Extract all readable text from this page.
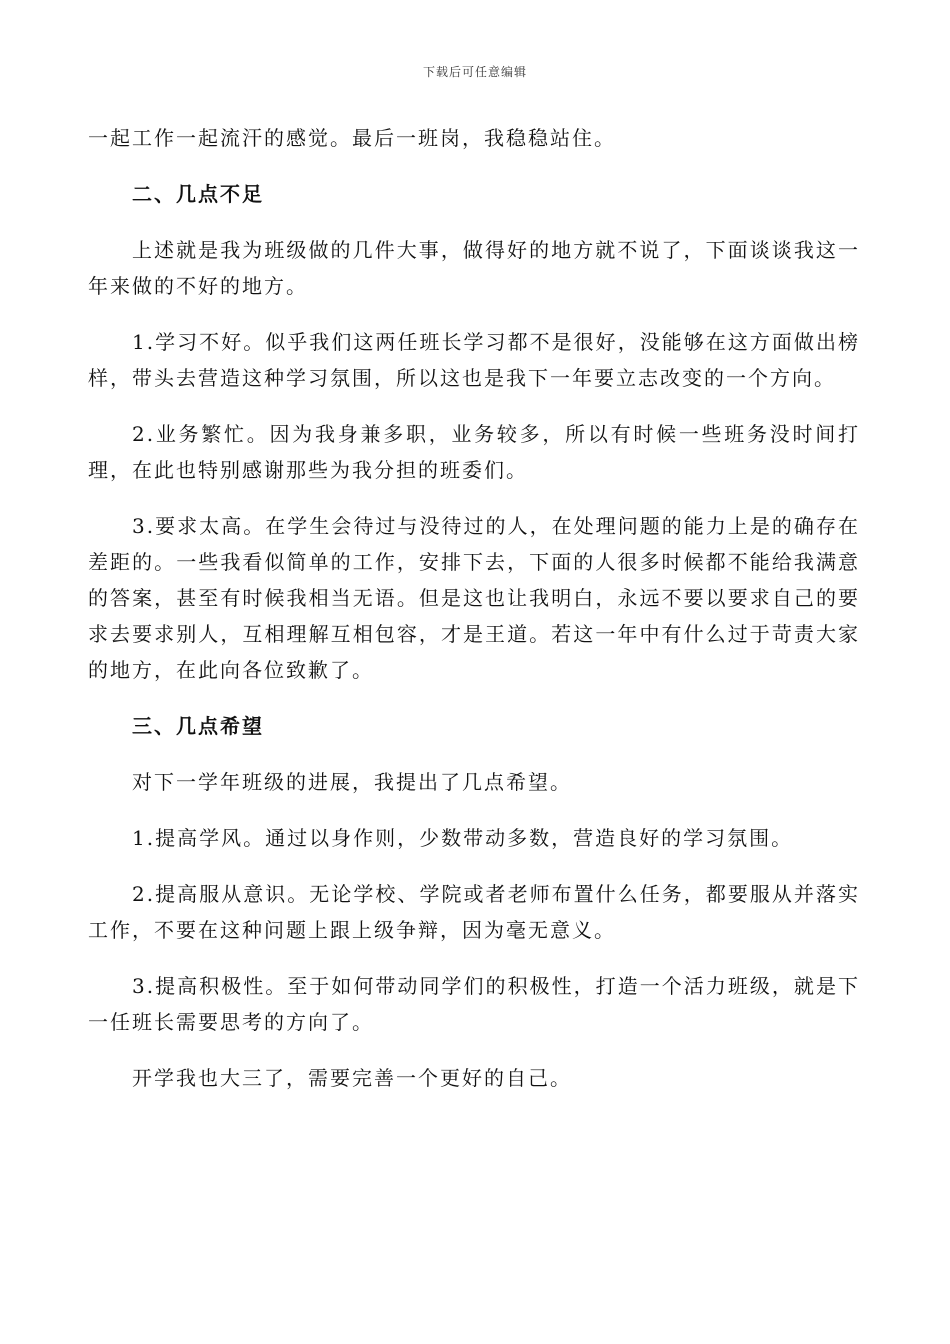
下载后可任意编辑

一起工作一起流汗的感觉。最后一班岗，我稳稳站住。

二、几点不足

上述就是我为班级做的几件大事，做得好的地方就不说了，下面谈谈我这一年来做的不好的地方。

1.学习不好。似乎我们这两任班长学习都不是很好，没能够在这方面做出榜样，带头去营造这种学习氛围，所以这也是我下一年要立志改变的一个方向。

2.业务繁忙。因为我身兼多职，业务较多，所以有时候一些班务没时间打理，在此也特别感谢那些为我分担的班委们。

3.要求太高。在学生会待过与没待过的人，在处理问题的能力上是的确存在差距的。一些我看似简单的工作，安排下去，下面的人很多时候都不能给我满意的答案，甚至有时候我相当无语。但是这也让我明白，永远不要以要求自己的要求去要求别人，互相理解互相包容，才是王道。若这一年中有什么过于苛责大家的地方，在此向各位致歉了。

三、几点希望

对下一学年班级的进展，我提出了几点希望。

1.提高学风。通过以身作则，少数带动多数，营造良好的学习氛围。

2.提高服从意识。无论学校、学院或者老师布置什么任务，都要服从并落实工作，不要在这种问题上跟上级争辩，因为毫无意义。

3.提高积极性。至于如何带动同学们的积极性，打造一个活力班级，就是下一任班长需要思考的方向了。

开学我也大三了，需要完善一个更好的自己。
